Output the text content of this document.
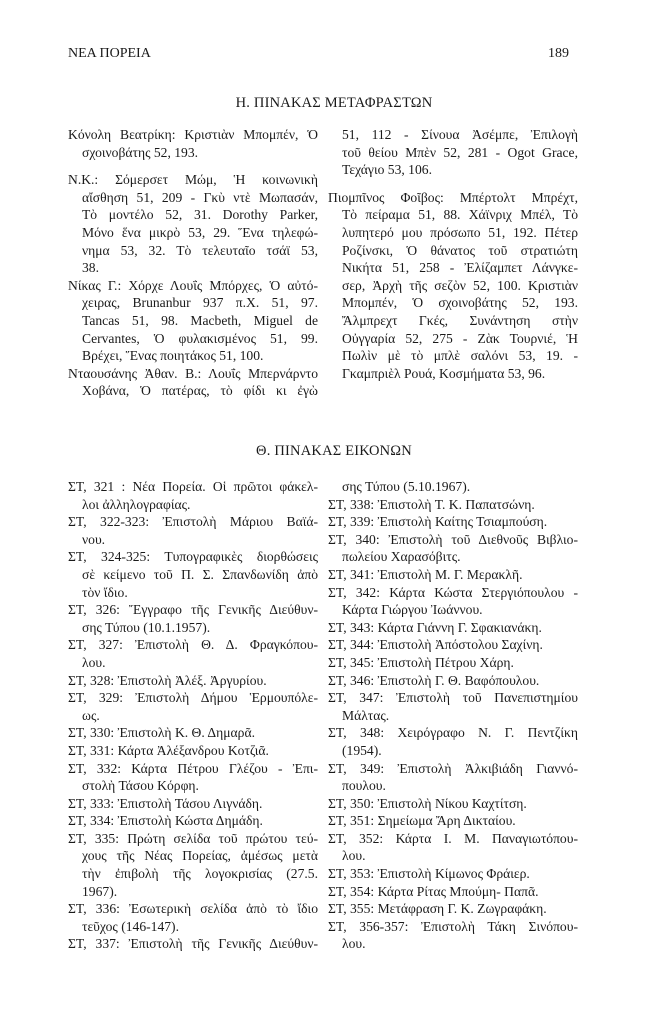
ΝΕΑ ΠΟΡΕΙΑ	189
Η. ΠΙΝΑΚΑΣ ΜΕΤΑΦΡΑΣΤΩΝ
Κόνολη Βεατρίκη: Κριστιὰν Μπομπέν, Ὁ
σχοινοβάτης 52, 193.
Ν.Κ.: Σόμερσετ Μώμ, Ἡ κοινωνικὴ
αἴσθηση 51, 209 - Γκὺ ντὲ Μωπασάν,
Τὸ μοντέλο 52, 31. Dorothy Parker,
Μόνο ἕνα μικρὸ 53, 29. Ἕνα τηλεφώ-
νημα 53, 32. Τὸ τελευταῖο τσάϊ 53,
38.
Νίκας Γ.: Χόρχε Λουΐς Μπόρχες, Ὁ αὐτό-
χειρας, Brunanbur 937 π.Χ. 51, 97.
Tancas 51, 98. Macbeth, Miguel de
Cervantes, Ὁ φυλακισμένος 51, 99.
Βρέχει, Ἕνας ποιητάκος 51, 100.
Νταουσάνης Ἀθαν. Β.: Λουΐς Μπερνάρντο
Χοβάνα, Ὁ πατέρας, τὸ φίδι κι ἐγὼ
51, 112 - Σίνουα Ἀσέμπε, Ἐπιλογὴ
τοῦ θείου Μπὲν 52, 281 - Ogot Grace,
Τεχάγιο 53, 106.
Πιομπῖνος Φοῖβος: Μπέρτολτ Μπρέχτ,
Τὸ πείραμα 51, 88. Χάϊνριχ Μπέλ, Τὸ
λυπητερό μου πρόσωπο 51, 192. Πέτερ
Ροζίνσκι, Ὁ θάνατος τοῦ στρατιώτη
Νικήτα 51, 258 - Ἐλίζαμπετ Λάνγκε-
σερ, Ἀρχὴ τῆς σεζὸν 52, 100. Κριστιὰν
Μπομπέν, Ὁ σχοινοβάτης 52, 193.
Ἄλμπρεχτ Γκές, Συνάντηση στὴν
Οὐγγαρία 52, 275 - Ζὰκ Τουρνιέ, Ἡ
Πωλὶν μὲ τὸ μπλὲ σαλόνι 53, 19. -
Γκαμπριὲλ Ρουά, Κοσμήματα 53, 96.
Θ. ΠΙΝΑΚΑΣ ΕΙΚΟΝΩΝ
ΣΤ, 321 : Νέα Πορεία. Οἱ πρῶτοι φάκελ-
λοι ἀλληλογραφίας.
ΣΤ, 322-323: Ἐπιστολὴ Μάριου Βαϊά-
νου.
ΣΤ, 324-325: Τυπογραφικὲς διορθώσεις
σὲ κείμενο τοῦ Π. Σ. Σπανδωνίδη ἀπὸ
τὸν ἴδιο.
ΣΤ, 326: Ἔγγραφο τῆς Γενικῆς Διεύθυν-
σης Τύπου (10.1.1957).
ΣΤ, 327: Ἐπιστολὴ Θ. Δ. Φραγκόπου-
λου.
ΣΤ, 328: Ἐπιστολὴ Ἀλέξ. Ἀργυρίου.
ΣΤ, 329: Ἐπιστολὴ Δήμου Ἑρμουπόλε-
ως.
ΣΤ, 330: Ἐπιστολὴ Κ. Θ. Δημαρᾶ.
ΣΤ, 331: Κάρτα Ἀλέξανδρου Κοτζιᾶ.
ΣΤ, 332: Κάρτα Πέτρου Γλέζου - Ἐπι-
στολὴ Τάσου Κόρφη.
ΣΤ, 333: Ἐπιστολὴ Τάσου Λιγνάδη.
ΣΤ, 334: Ἐπιστολὴ Κώστα Δημάδη.
ΣΤ, 335: Πρώτη σελίδα τοῦ πρώτου τεύ-
χους τῆς Νέας Πορείας, ἀμέσως μετὰ
τὴν ἐπιβολὴ τῆς λογοκρισίας (27.5.
1967).
ΣΤ, 336: Ἐσωτερικὴ σελίδα ἀπὸ τὸ ἴδιο
τεῦχος (146-147).
ΣΤ, 337: Ἐπιστολὴ τῆς Γενικῆς Διεύθυν-
σης Τύπου (5.10.1967).
ΣΤ, 338: Ἐπιστολὴ Τ. Κ. Παπατσώνη.
ΣΤ, 339: Ἐπιστολὴ Καίτης Τσιαμπούση.
ΣΤ, 340: Ἐπιστολὴ τοῦ Διεθνοῦς Βιβλιο-
πωλείου Χαρασόβιτς.
ΣΤ, 341: Ἐπιστολὴ Μ. Γ. Μερακλῆ.
ΣΤ, 342: Κάρτα Κώστα Στεργιόπουλου -
Κάρτα Γιώργου Ἰωάννου.
ΣΤ, 343: Κάρτα Γιάννη Γ. Σφακιανάκη.
ΣΤ, 344: Ἐπιστολὴ Ἀπόστολου Σαχίνη.
ΣΤ, 345: Ἐπιστολὴ Πέτρου Χάρη.
ΣΤ, 346: Ἐπιστολὴ Γ. Θ. Βαφόπουλου.
ΣΤ, 347: Ἐπιστολὴ τοῦ Πανεπιστημίου
Μάλτας.
ΣΤ, 348: Χειρόγραφο Ν. Γ. Πεντζίκη
(1954).
ΣΤ, 349: Ἐπιστολὴ Ἀλκιβιάδη Γιαννό-
πουλου.
ΣΤ, 350: Ἐπιστολὴ Νίκου Καχτίτση.
ΣΤ, 351: Σημείωμα Ἄρη Δικταίου.
ΣΤ, 352: Κάρτα Ι. Μ. Παναγιωτόπου-
λου.
ΣΤ, 353: Ἐπιστολὴ Κίμωνος Φράιερ.
ΣΤ, 354: Κάρτα Ρίτας Μπούμη- Παπᾶ.
ΣΤ, 355: Μετάφραση Γ. Κ. Ζωγραφάκη.
ΣΤ, 356-357: Ἐπιστολὴ Τάκη Σινόπου-
λου.
